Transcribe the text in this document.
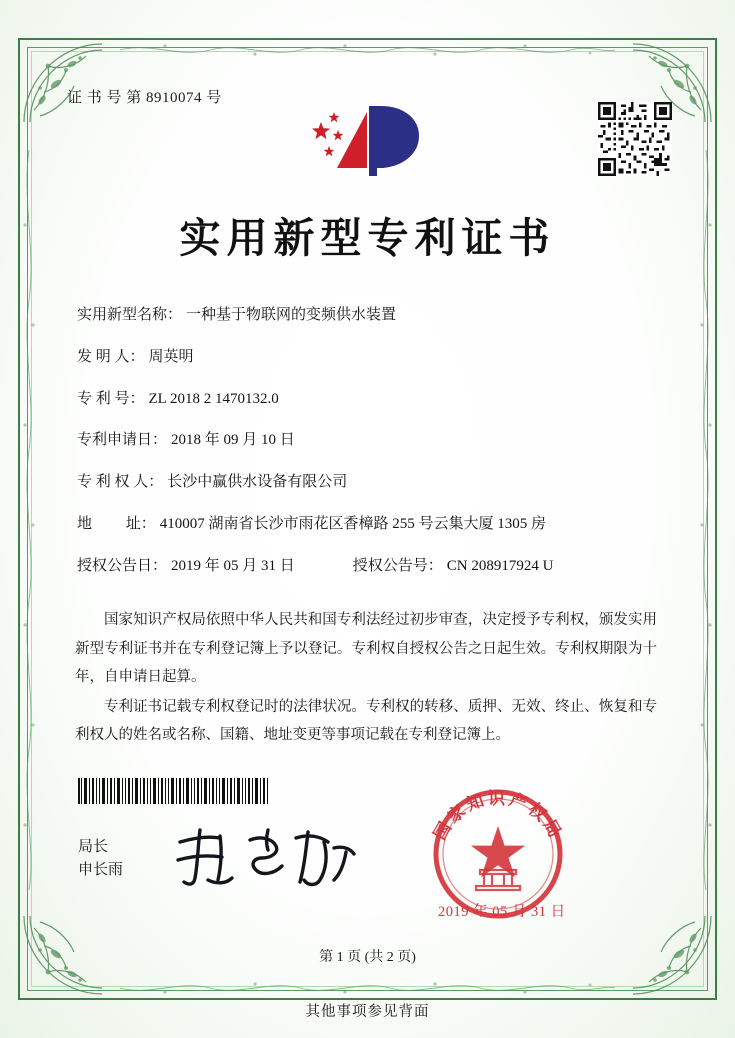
证 书 号 第 8910074 号
实用新型专利证书
实用新型名称： 一种基于物联网的变频供水装置
发 明 人： 周英明
专 利 号： ZL 2018 2 1470132.0
专利申请日： 2018 年 09 月 10 日
专 利 权 人： 长沙中赢供水设备有限公司
地         址： 410007 湖南省长沙市雨花区香樟路 255 号云集大厦 1305 房
授权公告日： 2019 年 05 月 31 日	授权公告号： CN 208917924 U

国家知识产权局依照中华人民共和国专利法经过初步审查，决定授予专利权，颁发实用新型专利证书并在专利登记簿上予以登记。专利权自授权公告之日起生效。专利权期限为十年，自申请日起算。

专利证书记载专利权登记时的法律状况。专利权的转移、质押、无效、终止、恢复和专利权人的姓名或名称、国籍、地址变更等事项记载在专利登记簿上。

局长
申长雨
国家知识产权局
2019 年 05 月 31 日
第 1 页 (共 2 页)
其他事项参见背面
